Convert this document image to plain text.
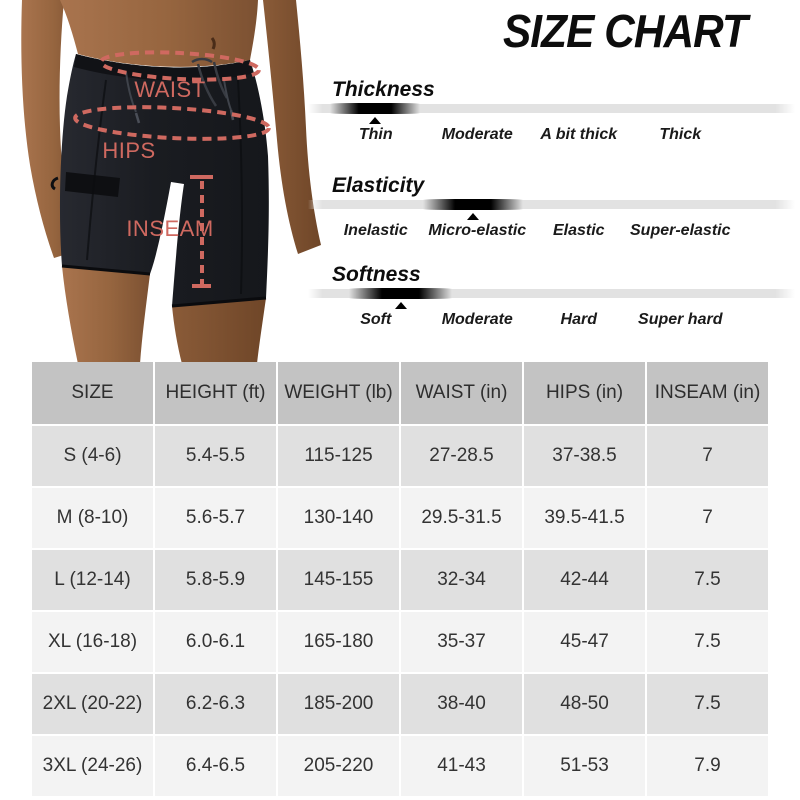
WAIST
HIPS
INSEAM
SIZE CHART
Thickness
Thin	Moderate	A bit thick	Thick
Elasticity
Inelastic	Micro-elastic	Elastic	Super-elastic
Softness
Soft	Moderate	Hard	Super hard
SIZE	HEIGHT (ft)	WEIGHT (lb)	WAIST (in)	HIPS (in)	INSEAM (in)
S (4-6)	5.4-5.5	115-125	27-28.5	37-38.5	7
M (8-10)	5.6-5.7	130-140	29.5-31.5	39.5-41.5	7
L (12-14)	5.8-5.9	145-155	32-34	42-44	7.5
XL (16-18)	6.0-6.1	165-180	35-37	45-47	7.5
2XL (20-22)	6.2-6.3	185-200	38-40	48-50	7.5
3XL (24-26)	6.4-6.5	205-220	41-43	51-53	7.9
